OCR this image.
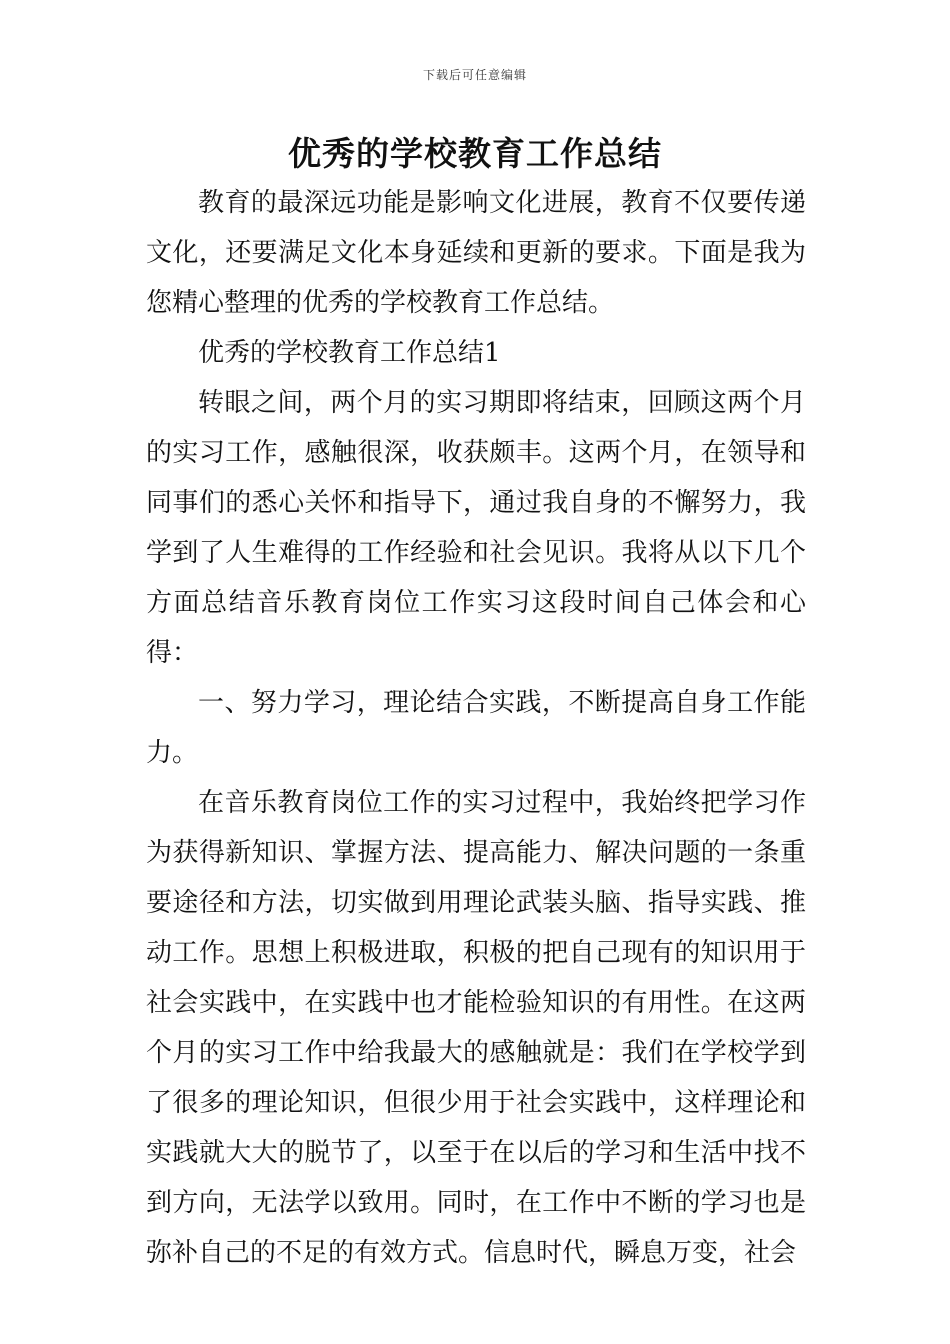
下载后可任意编辑
优秀的学校教育工作总结

教育的最深远功能是影响文化进展，教育不仅要传递文化，还要满足文化本身延续和更新的要求。下面是我为您精心整理的优秀的学校教育工作总结。

优秀的学校教育工作总结1

转眼之间，两个月的实习期即将结束，回顾这两个月的实习工作，感触很深，收获颇丰。这两个月，在领导和同事们的悉心关怀和指导下，通过我自身的不懈努力，我学到了人生难得的工作经验和社会见识。我将从以下几个方面总结音乐教育岗位工作实习这段时间自己体会和心得：

一、努力学习，理论结合实践，不断提高自身工作能力。

在音乐教育岗位工作的实习过程中，我始终把学习作为获得新知识、掌握方法、提高能力、解决问题的一条重要途径和方法，切实做到用理论武装头脑、指导实践、推动工作。思想上积极进取，积极的把自己现有的知识用于社会实践中，在实践中也才能检验知识的有用性。在这两个月的实习工作中给我最大的感触就是：我们在学校学到了很多的理论知识，但很少用于社会实践中，这样理论和实践就大大的脱节了，以至于在以后的学习和生活中找不到方向，无法学以致用。同时，在工作中不断的学习也是弥补自己的不足的有效方式。信息时代，瞬息万变，社会
